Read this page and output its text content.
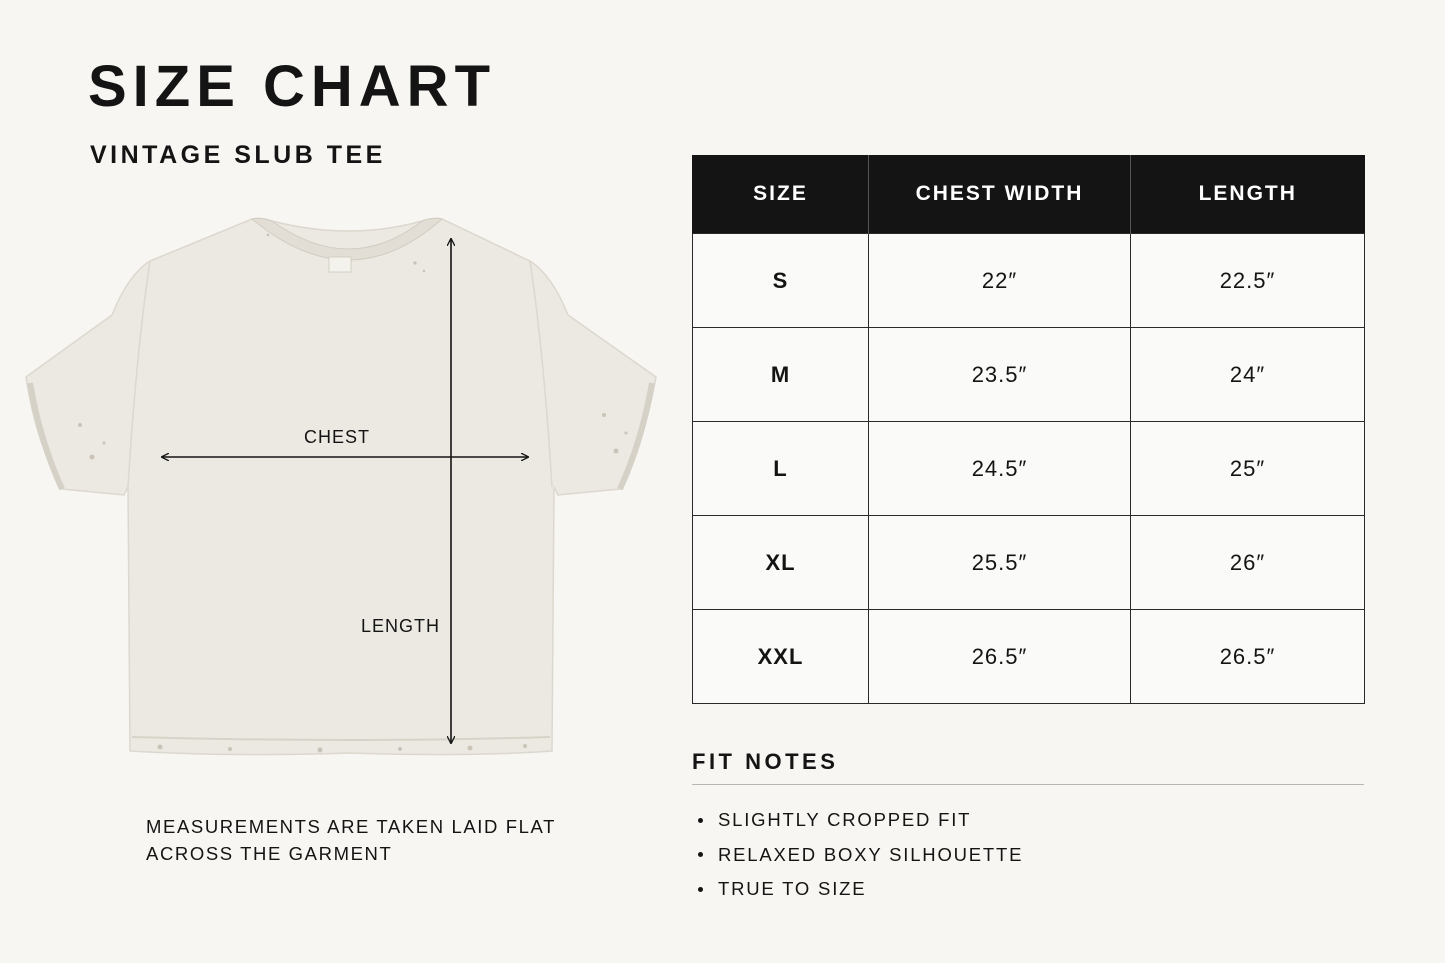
SIZE CHART
VINTAGE SLUB TEE
CHEST
LENGTH

MEASUREMENTS ARE TAKEN LAID FLAT ACROSS THE GARMENT

SIZE	CHEST WIDTH	LENGTH
S	22″	22.5″
M	23.5″	24″
L	24.5″	25″
XL	25.5″	26″
XXL	26.5″	26.5″
FIT NOTES
SLIGHTLY CROPPED FIT
RELAXED BOXY SILHOUETTE
TRUE TO SIZE
